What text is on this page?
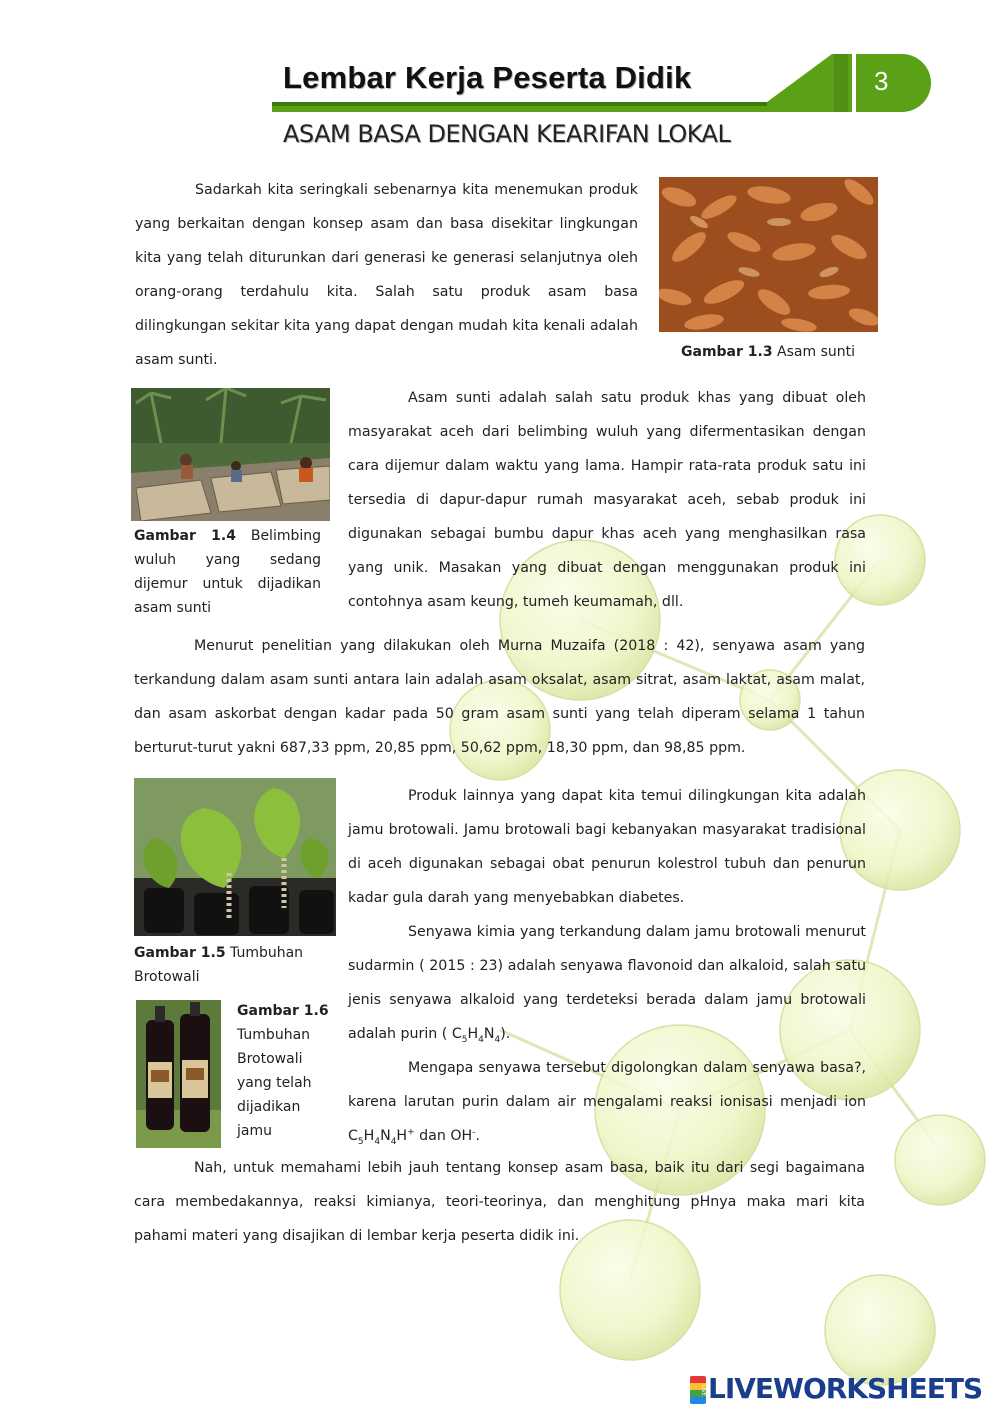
Lembar Kerja Peserta Didik	3
ASAM BASA DENGAN KEARIFAN LOKAL

Sadarkah kita seringkali sebenarnya kita menemukan produk yang berkaitan dengan konsep asam dan basa disekitar lingkungan kita yang telah diturunkan dari generasi ke generasi selanjutnya oleh orang-orang terdahulu kita. Salah satu produk asam basa dilingkungan sekitar kita yang dapat dengan mudah kita kenali adalah asam sunti.	Gambar 1.3 Asam sunti
Gambar 1.4 Belimbing wuluh yang sedang dijemur untuk dijadikan asam sunti

Asam sunti adalah salah satu produk khas yang dibuat oleh masyarakat aceh dari belimbing wuluh yang difermentasikan dengan cara dijemur dalam waktu yang lama. Hampir rata-rata produk satu ini tersedia di dapur-dapur rumah masyarakat aceh, sebab produk ini digunakan sebagai bumbu dapur khas aceh yang menghasilkan rasa yang unik. Masakan yang dibuat dengan menggunakan produk ini contohnya asam keung, tumeh keumamah, dll.

Menurut penelitian yang dilakukan oleh Murna Muzaifa (2018 : 42), senyawa asam yang terkandung dalam asam sunti antara lain adalah asam oksalat, asam sitrat, asam laktat, asam malat, dan asam askorbat dengan kadar pada 50 gram asam sunti yang telah diperam selama 1 tahun berturut-turut yakni 687,33 ppm, 20,85 ppm, 50,62 ppm, 18,30 ppm, dan 98,85 ppm.

Gambar 1.5 Tumbuhan Brotowali
Gambar 1.6
Tumbuhan Brotowali yang telah dijadikan jamu

Produk lainnya yang dapat kita temui dilingkungan kita adalah jamu brotowali. Jamu brotowali bagi kebanyakan masyarakat tradisional di aceh digunakan sebagai obat penurun kolestrol tubuh dan penurun kadar gula darah yang menyebabkan diabetes.

Senyawa kimia yang terkandung dalam jamu brotowali menurut sudarmin ( 2015 : 23) adalah senyawa flavonoid dan alkaloid, salah satu jenis senyawa alkaloid yang terdeteksi berada dalam jamu brotowali adalah purin ( $C_5H_4N_4$).

Mengapa senyawa tersebut digolongkan dalam senyawa basa?, karena larutan purin dalam air mengalami reaksi ionisasi menjadi ion $C_5H_4N_4H^+$ dan OH-.

Nah, untuk memahami lebih jauh tentang konsep asam basa, baik itu dari segi bagaimana cara membedakannya, reaksi kimianya, teori-teorinya, dan menghitung pHnya maka mari kita pahami materi yang disajikan di lembar kerja peserta didik ini.

LIVE LIVEWORKSHEETS
